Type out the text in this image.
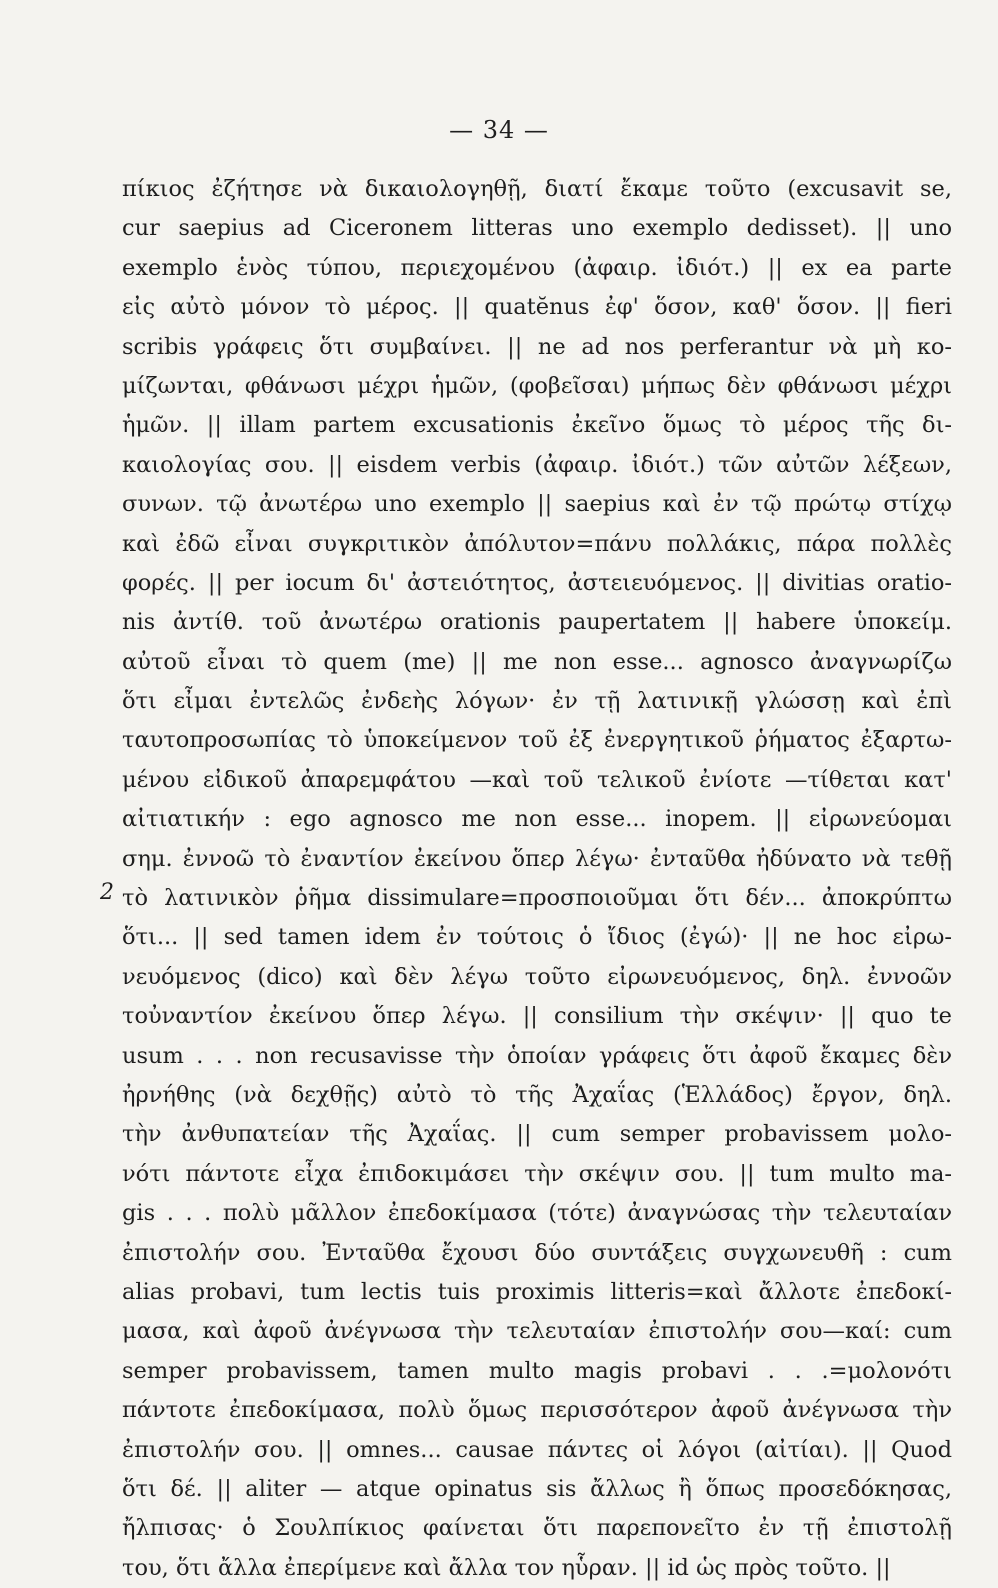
— 34 —
2
πίκιος ἐζήτησε νὰ δικαιολογηθῇ, διατί ἔκαμε τοῦτο (excusavit se,
cur saepius ad Ciceronem litteras uno exemplo dedisset). || uno
exemplo ἑνὸς τύπου, περιεχομένου (ἀφαιρ. ἰδιότ.) || ex ea parte
εἰς αὐτὸ μόνον τὸ μέρος. || quatĕnus ἐφ' ὅσον, καθ' ὅσον. || fieri
scribis γράφεις ὅτι συμβαίνει. || ne ad nos perferantur νὰ μὴ κο-
μίζωνται, φθάνωσι μέχρι ἡμῶν, (φοβεῖσαι) μήπως δὲν φθάνωσι μέχρι
ἡμῶν. || illam partem excusationis ἐκεῖνο ὅμως τὸ μέρος τῆς δι-
καιολογίας σου. || eisdem verbis (ἀφαιρ. ἰδιότ.) τῶν αὐτῶν λέξεων,
συνων. τῷ ἀνωτέρω uno exemplo || saepius καὶ ἐν τῷ πρώτῳ στίχῳ
καὶ ἐδῶ εἶναι συγκριτικὸν ἀπόλυτον=πάνυ πολλάκις, πάρα πολλὲς
φορές. || per iocum δι' ἀστειότητος, ἀστειευόμενος. || divitias oratio-
nis ἀντίθ. τοῦ ἀνωτέρω orationis paupertatem || habere ὑποκείμ.
αὐτοῦ εἶναι τὸ quem (me) || me non esse... agnosco ἀναγνωρίζω
ὅτι εἶμαι ἐντελῶς ἐνδεὴς λόγων· ἐν τῇ λατινικῇ γλώσσῃ καὶ ἐπὶ
ταυτοπροσωπίας τὸ ὑποκείμενον τοῦ ἐξ ἐνεργητικοῦ ῥήματος ἐξαρτω-
μένου εἰδικοῦ ἀπαρεμφάτου —καὶ τοῦ τελικοῦ ἐνίοτε —τίθεται κατ'
αἰτιατικήν : ego agnosco me non esse... inopem. || εἰρωνεύομαι
σημ. ἐννοῶ τὸ ἐναντίον ἐκείνου ὅπερ λέγω· ἐνταῦθα ἠδύνατο νὰ τεθῇ
τὸ λατινικὸν ῥῆμα dissimulare=προσποιοῦμαι ὅτι δέν... ἀποκρύπτω
ὅτι... || sed tamen idem ἐν τούτοις ὁ ἴδιος (ἐγώ)· || ne hoc εἰρω-
νευόμενος (dico) καὶ δὲν λέγω τοῦτο εἰρωνευόμενος, δηλ. ἐννοῶν
τοὐναντίον ἐκείνου ὅπερ λέγω. || consilium τὴν σκέψιν· || quo te
usum . . . non recusavisse τὴν ὁποίαν γράφεις ὅτι ἀφοῦ ἔκαμες δὲν
ἠρνήθης (νὰ δεχθῇς) αὐτὸ τὸ τῆς Ἀχαΐας (Ἑλλάδος) ἔργον, δηλ.
τὴν ἀνθυπατείαν τῆς Ἀχαΐας. || cum semper probavissem μολο-
νότι πάντοτε εἶχα ἐπιδοκιμάσει τὴν σκέψιν σου. || tum multo ma-
gis . . . πολὺ μᾶλλον ἐπεδοκίμασα (τότε) ἀναγνώσας τὴν τελευταίαν
ἐπιστολήν σου. Ἐνταῦθα ἔχουσι δύο συντάξεις συγχωνευθῆ : cum
alias probavi, tum lectis tuis proximis litteris=καὶ ἄλλοτε ἐπεδοκί-
μασα, καὶ ἀφοῦ ἀνέγνωσα τὴν τελευταίαν ἐπιστολήν σου—καί: cum
semper probavissem, tamen multo magis probavi . . .=μολονότι
πάντοτε ἐπεδοκίμασα, πολὺ ὅμως περισσότερον ἀφοῦ ἀνέγνωσα τὴν
ἐπιστολήν σου. || omnes... causae πάντες οἱ λόγοι (αἰτίαι). || Quod
ὅτι δέ. || aliter — atque opinatus sis ἄλλως ἢ ὅπως προσεδόκησας,
ἤλπισας· ὁ Σουλπίκιος φαίνεται ὅτι παρεπονεῖτο ἐν τῇ ἐπιστολῇ
του, ὅτι ἄλλα ἐπερίμενε καὶ ἄλλα τον ηὗραν. || id ὡς πρὸς τοῦτο. ||
